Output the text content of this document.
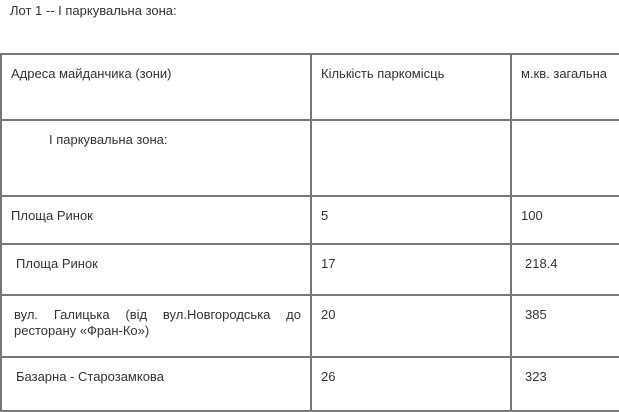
Лот 1 -- І паркувальна зона:
Адреса майданчика (зони)	Кількість паркомісць	м.кв. загальна
І паркувальна зона:		
Площа Ринок	5	100
Площа Ринок	17	218.4
вул. Галицька (від вул.Новгородська до ресторану «Фран-Ко»)	20	385
Базарна - Старозамкова	26	323
